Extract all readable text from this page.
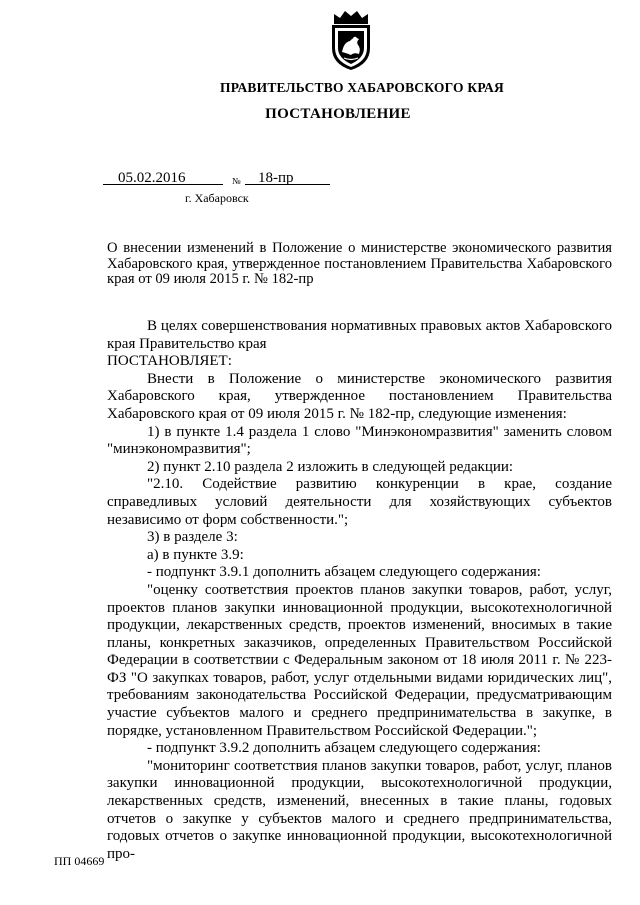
ПРАВИТЕЛЬСТВО ХАБАРОВСКОГО КРАЯ
ПОСТАНОВЛЕНИЕ
05.02.2016	№ 18-пр
г. Хабаровск
О внесении изменений в Положение о министерстве экономического развития Хабаровского края, утвержденное постановлением Правительства Хабаровского края от 09 июля 2015 г. № 182-пр

В целях совершенствования нормативных правовых актов Хабаровского края Правительство края

ПОСТАНОВЛЯЕТ:

Внести в Положение о министерстве экономического развития Хабаровского края, утвержденное постановлением Правительства Хабаровского края от 09 июля 2015 г. № 182-пр, следующие изменения:

1) в пункте 1.4 раздела 1 слово "Минэкономразвития" заменить словом "минэкономразвития";

2) пункт 2.10 раздела 2 изложить в следующей редакции:

"2.10. Содействие развитию конкуренции в крае, создание справедливых условий деятельности для хозяйствующих субъектов независимо от форм собственности.";

3) в разделе 3:

а) в пункте 3.9:

- подпункт 3.9.1 дополнить абзацем следующего содержания:

"оценку соответствия проектов планов закупки товаров, работ, услуг, проектов планов закупки инновационной продукции, высокотехнологичной продукции, лекарственных средств, проектов изменений, вносимых в такие планы, конкретных заказчиков, определенных Правительством Российской Федерации в соответствии с Федеральным законом от 18 июля 2011 г. № 223-ФЗ "О закупках товаров, работ, услуг отдельными видами юридических лиц", требованиям законодательства Российской Федерации, предусматривающим участие субъектов малого и среднего предпринимательства в закупке, в порядке, установленном Правительством Российской Федерации.";

- подпункт 3.9.2 дополнить абзацем следующего содержания:

"мониторинг соответствия планов закупки товаров, работ, услуг, планов закупки инновационной продукции, высокотехнологичной продукции, лекарственных средств, изменений, внесенных в такие планы, годовых отчетов о закупке у субъектов малого и среднего предпринимательства, годовых отчетов о закупке инновационной продукции, высокотехнологичной про-

ПП 04669
